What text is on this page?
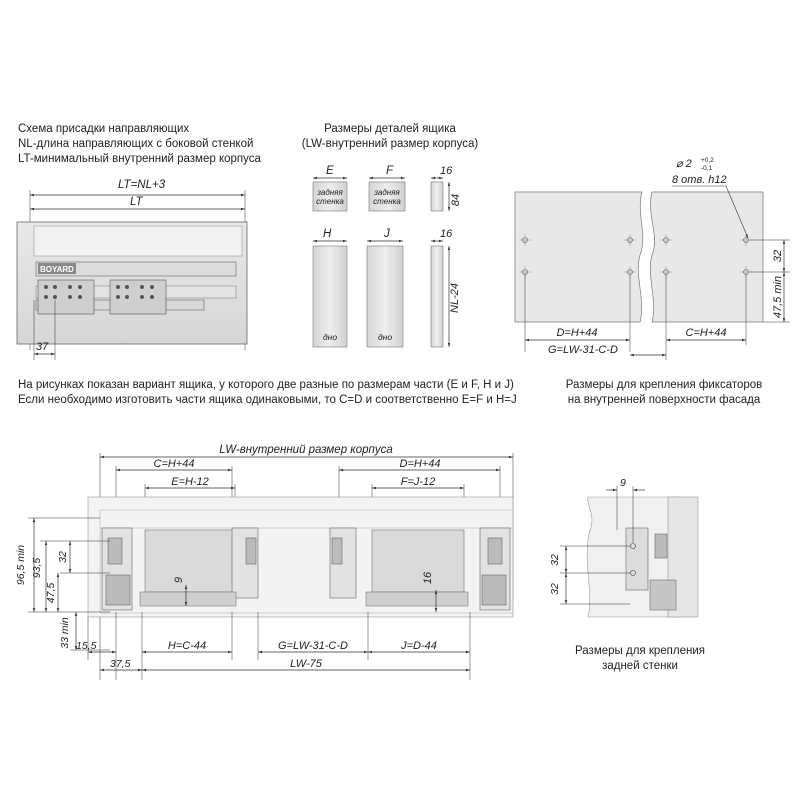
Схема присадки направляющих
NL-длина направляющих с боковой стенкой
LT-минимальный внутренний размер корпуса
Размеры деталей ящика
(LW-внутренний размер корпуса)
На рисунках показан вариант ящика, у которого две разные по размерам части (E и F, H и J)
Если необходимо изготовить части ящика одинаковыми, то C=D и соответственно E=F и H=J
Размеры для крепления фиксаторов
на внутренней поверхности фасада
Размеры для крепления
задней стенки
LT=NL+3
LT
BOYARD
37
E
задняя
стенка
F
задняя
стенка
16
84
H
дно
J
дно
16
NL-24
⌀ 2 +0,2
-0,1
8 отв. h12
32
47,5 min
D=H+44	C=H+44
G=LW-31-C-D
LW-внутренний размер корпуса
C=H+44	D=H+44
E=H-12	F=J-12
9	16
96,5 min 93,5
32
47,5
33 min 15,5
37,5
H=C-44	G=LW-31-C-D	J=D-44
LW-75
9
32
32
